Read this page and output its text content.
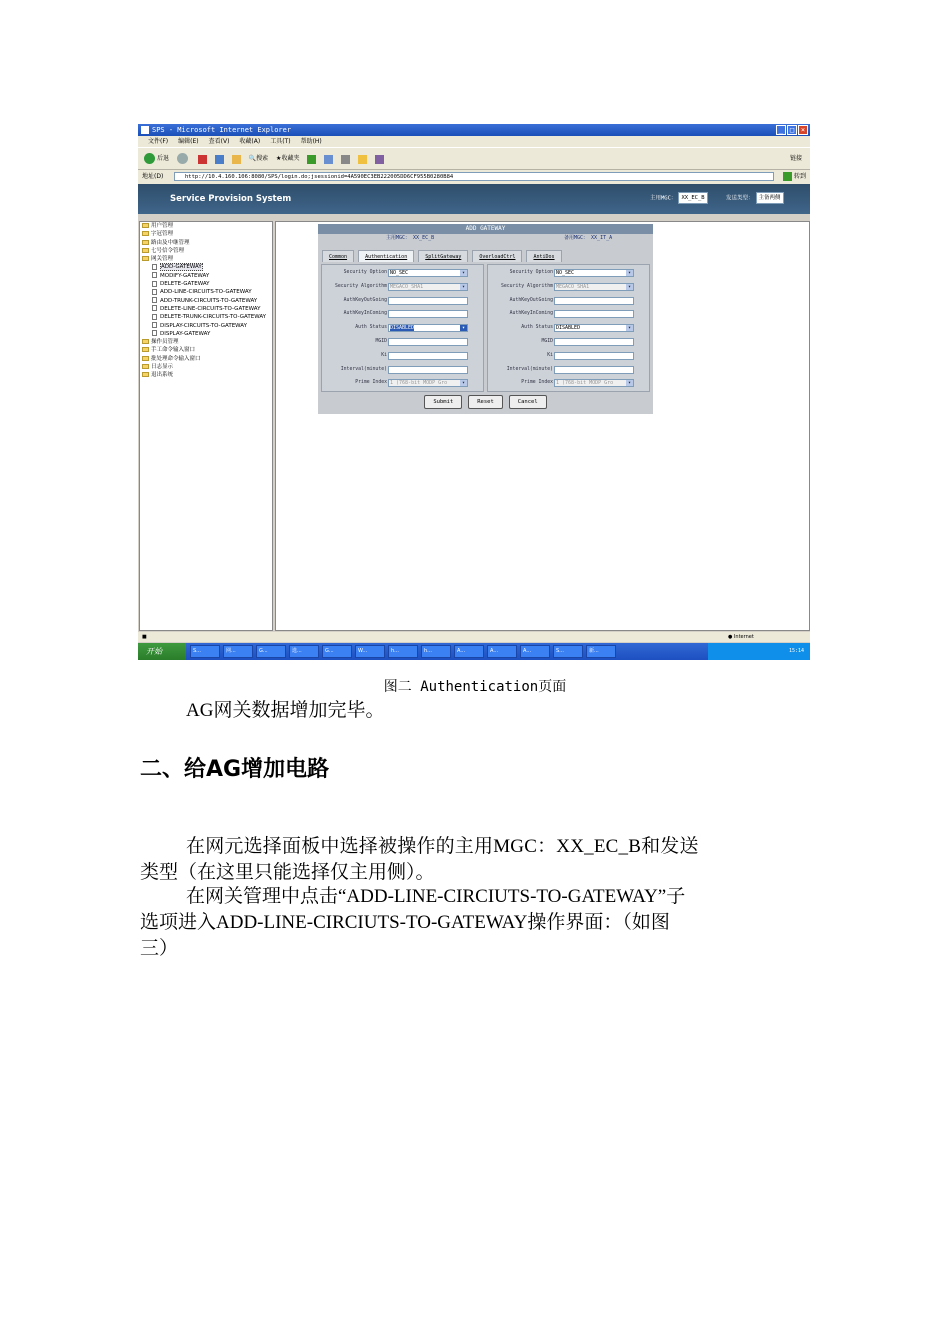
SPS - Microsoft Internet Explorer	_ □ ×
文件(F) 编辑(E) 查看(V) 收藏(A) 工具(T) 帮助(H)
后退	🔍搜索 ★收藏夹	链接
地址(D)	http://10.4.160.106:8080/SPS/login.do;jsessionid=4A590EC3EB222005DD6CF955B0280B84	转到
Service Provision System	主用MGC： XX_EC_B	发送类型： 主备两侧
用户管理
字冠管理
路由及中继管理
七号信令管理
网关管理
ADD-GATEWAY
MODIFY-GATEWAY
DELETE-GATEWAY
ADD-LINE-CIRCUITS-TO-GATEWAY
ADD-TRUNK-CIRCUITS-TO-GATEWAY
DELETE-LINE-CIRCUITS-TO-GATEWAY
DELETE-TRUNK-CIRCUITS-TO-GATEWAY
DISPLAY-CIRCUITS-TO-GATEWAY
DISPLAY-GATEWAY
操作员管理
手工命令输入窗口
批处理命令输入窗口
日志显示
退出系统
ADD GATEWAY
主用MGC： XX_EC_B	备用MGC： XX_IT_A
Common	Authentication	SplitGateway	OverloadCtrl	AntiDos
Security Option NO_SEC	▾
Security Algorithm MEGACO_SHA1	▾
AuthKeyOutGoing
AuthKeyInComing
Auth Status DISABLED	▾
MGID
Ki
Interval(minute)
Prime Index 1 (768-bit MODP Gro	▾
Security Option NO_SEC	▾
Security Algorithm MEGACO_SHA1	▾
AuthKeyOutGoing
AuthKeyInComing
Auth Status DISABLED	▾
MGID
Ki
Interval(minute)
Prime Index 1 (768-bit MODP Gro	▾
Submit	Reset	Cancel
■	● Internet
开始	S...	网...	G...	选...	G...	W...	h...	h...	A...	A...	A...	S...	新...	15:14
图二 Authentication页面
AG网关数据增加完毕。
二、给AG增加电路
在网元选择面板中选择被操作的主用MGC：XX_EC_B和发送
类型（在这里只能选择仅主用侧）。
在网关管理中点击“ADD-LINE-CIRCIUTS-TO-GATEWAY”子
选项进入ADD-LINE-CIRCIUTS-TO-GATEWAY操作界面：（如图
三）
